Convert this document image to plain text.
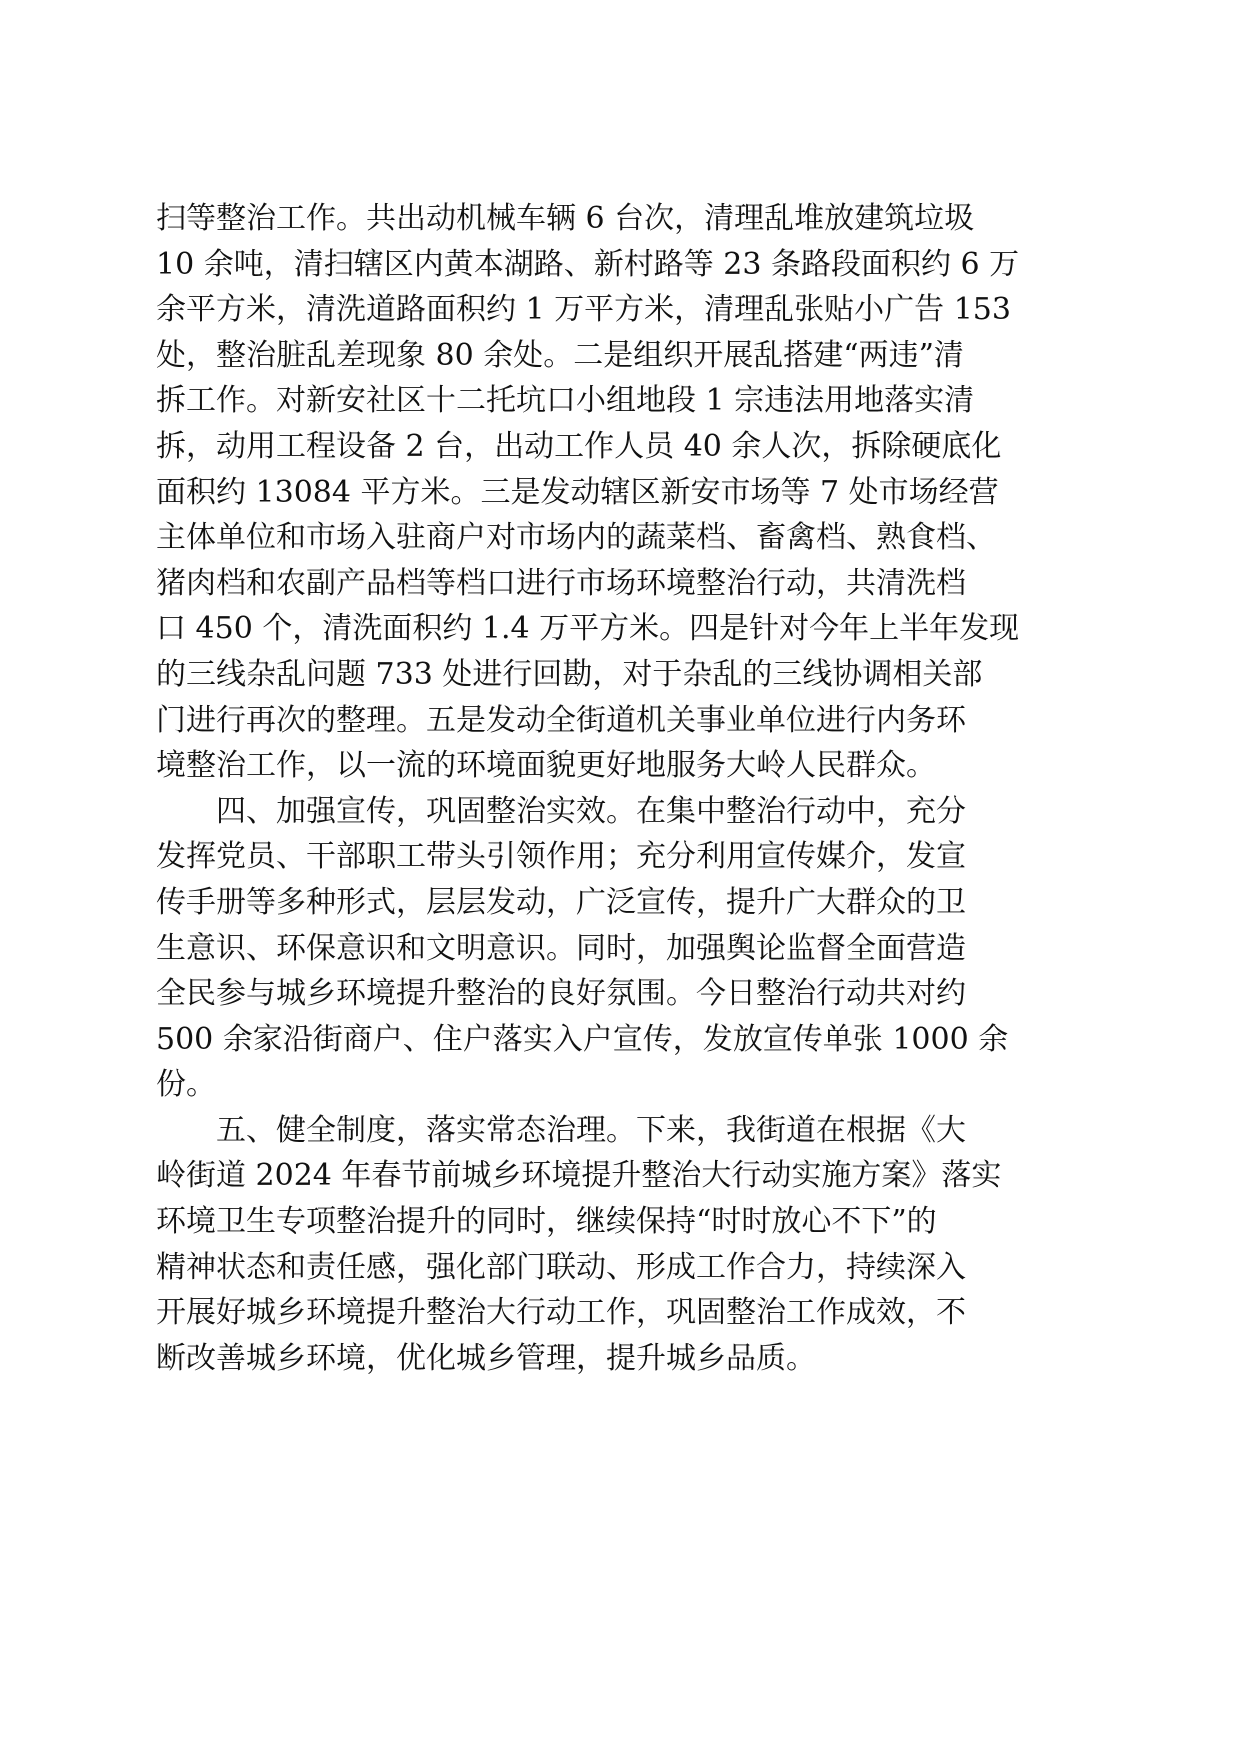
扫等整治工作。共出动机械车辆 6 台次，清理乱堆放建筑垃圾
10 余吨，清扫辖区内黄本湖路、新村路等 23 条路段面积约 6 万
余平方米，清洗道路面积约 1 万平方米，清理乱张贴小广告 153
处，整治脏乱差现象 80 余处。二是组织开展乱搭建“两违”清
拆工作。对新安社区十二托坑口小组地段 1 宗违法用地落实清
拆，动用工程设备 2 台，出动工作人员 40 余人次，拆除硬底化
面积约 13084 平方米。三是发动辖区新安市场等 7 处市场经营
主体单位和市场入驻商户对市场内的蔬菜档、畜禽档、熟食档、
猪肉档和农副产品档等档口进行市场环境整治行动，共清洗档
口 450 个，清洗面积约 1.4 万平方米。四是针对今年上半年发现
的三线杂乱问题 733 处进行回勘，对于杂乱的三线协调相关部
门进行再次的整理。五是发动全街道机关事业单位进行内务环
境整治工作，以一流的环境面貌更好地服务大岭人民群众。
　　四、加强宣传，巩固整治实效。在集中整治行动中，充分
发挥党员、干部职工带头引领作用；充分利用宣传媒介，发宣
传手册等多种形式，层层发动，广泛宣传，提升广大群众的卫
生意识、环保意识和文明意识。同时，加强舆论监督全面营造
全民参与城乡环境提升整治的良好氛围。今日整治行动共对约
500 余家沿街商户、住户落实入户宣传，发放宣传单张 1000 余
份。
　　五、健全制度，落实常态治理。下来，我街道在根据《大
岭街道 2024 年春节前城乡环境提升整治大行动实施方案》落实
环境卫生专项整治提升的同时，继续保持“时时放心不下”的
精神状态和责任感，强化部门联动、形成工作合力，持续深入
开展好城乡环境提升整治大行动工作，巩固整治工作成效，不
断改善城乡环境，优化城乡管理，提升城乡品质。
